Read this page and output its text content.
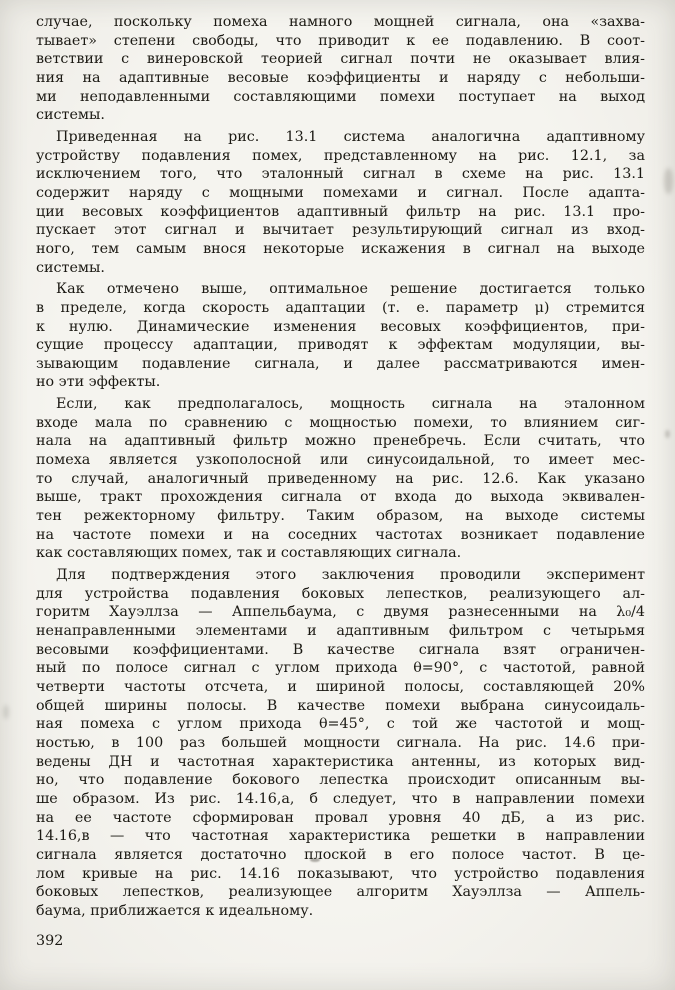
случае, поскольку помеха намного мощней сигнала, она «захва-
тывает» степени свободы, что приводит к ее подавлению. В соот-
ветствии с винеровской теорией сигнал почти не оказывает влия-
ния на адаптивные весовые коэффициенты и наряду с небольши-
ми неподавленными составляющими помехи поступает на выход
системы.
Приведенная на рис. 13.1 система аналогична адаптивному
устройству подавления помех, представленному на рис. 12.1, за
исключением того, что эталонный сигнал в схеме на рис. 13.1
содержит наряду с мощными помехами и сигнал. После адапта-
ции весовых коэффициентов адаптивный фильтр на рис. 13.1 про-
пускает этот сигнал и вычитает результирующий сигнал из вход-
ного, тем самым внося некоторые искажения в сигнал на выходе
системы.
Как отмечено выше, оптимальное решение достигается только
в пределе, когда скорость адаптации (т. е. параметр μ) стремится
к нулю. Динамические изменения весовых коэффициентов, при-
сущие процессу адаптации, приводят к эффектам модуляции, вы-
зывающим подавление сигнала, и далее рассматриваются имен-
но эти эффекты.
Если, как предполагалось, мощность сигнала на эталонном
входе мала по сравнению с мощностью помехи, то влиянием сиг-
нала на адаптивный фильтр можно пренебречь. Если считать, что
помеха является узкополосной или синусоидальной, то имеет мес-
то случай, аналогичный приведенному на рис. 12.6. Как указано
выше, тракт прохождения сигнала от входа до выхода эквивален-
тен режекторному фильтру. Таким образом, на выходе системы
на частоте помехи и на соседних частотах возникает подавление
как составляющих помех, так и составляющих сигнала.
Для подтверждения этого заключения проводили эксперимент
для устройства подавления боковых лепестков, реализующего ал-
горитм Хауэллза — Аппельбаума, с двумя разнесенными на λ₀/4
ненаправленными элементами и адаптивным фильтром с четырьмя
весовыми коэффициентами. В качестве сигнала взят ограничен-
ный по полосе сигнал с углом прихода θ=90°, с частотой, равной
четверти частоты отсчета, и шириной полосы, составляющей 20%
общей ширины полосы. В качестве помехи выбрана синусоидаль-
ная помеха с углом прихода θ=45°, с той же частотой и мощ-
ностью, в 100 раз большей мощности сигнала. На рис. 14.6 при-
ведены ДН и частотная характеристика антенны, из которых вид-
но, что подавление бокового лепестка происходит описанным вы-
ше образом. Из рис. 14.16,а, б следует, что в направлении помехи
на ее частоте сформирован провал уровня 40 дБ, а из рис.
14.16,в — что частотная характеристика решетки в направлении
сигнала является достаточно плоской в его полосе частот. В це-
лом кривые на рис. 14.16 показывают, что устройство подавления
боковых лепестков, реализующее алгоритм Хауэллза — Аппель-
баума, приближается к идеальному.
392
